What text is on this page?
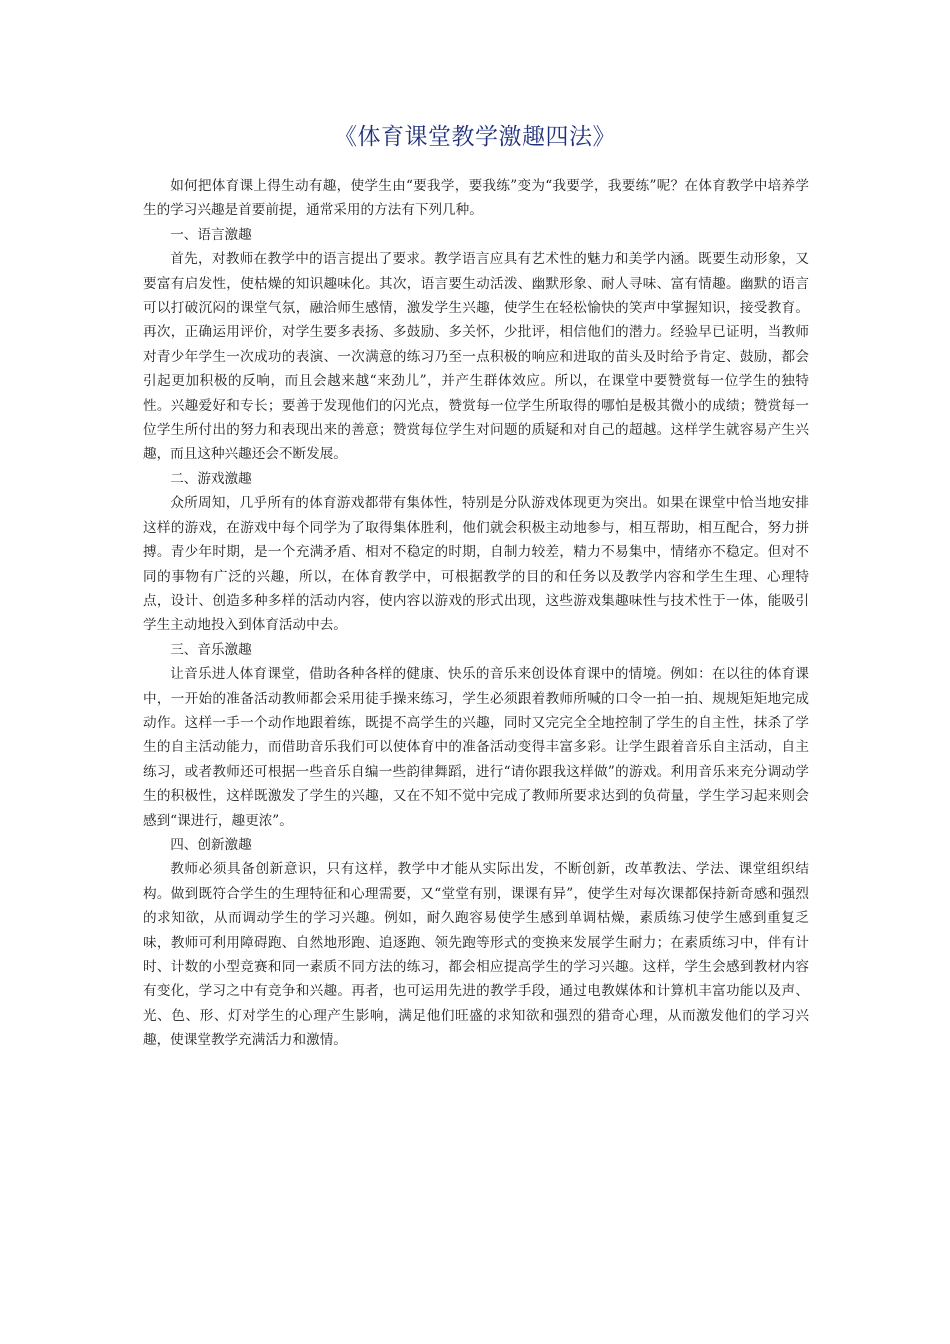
《体育课堂教学激趣四法》

如何把体育课上得生动有趣，使学生由“要我学，要我练”变为“我要学，我要练”呢？在体育教学中培养学生的学习兴趣是首要前提，通常采用的方法有下列几种。

一、语言激趣

首先，对教师在教学中的语言提出了要求。教学语言应具有艺术性的魅力和美学内涵。既要生动形象，又要富有启发性，使枯燥的知识趣味化。其次，语言要生动活泼、幽默形象、耐人寻味、富有情趣。幽默的语言可以打破沉闷的课堂气氛，融洽师生感情，激发学生兴趣，使学生在轻松愉快的笑声中掌握知识，接受教育。再次，正确运用评价，对学生要多表扬、多鼓励、多关怀，少批评，相信他们的潜力。经验早已证明，当教师对青少年学生一次成功的表演、一次满意的练习乃至一点积极的响应和进取的苗头及时给予肯定、鼓励，都会引起更加积极的反响，而且会越来越“来劲儿”，并产生群体效应。所以，在课堂中要赞赏每一位学生的独特性。兴趣爱好和专长；要善于发现他们的闪光点，赞赏每一位学生所取得的哪怕是极其微小的成绩；赞赏每一位学生所付出的努力和表现出来的善意；赞赏每位学生对问题的质疑和对自己的超越。这样学生就容易产生兴趣，而且这种兴趣还会不断发展。

二、游戏激趣

众所周知，几乎所有的体育游戏都带有集体性，特别是分队游戏体现更为突出。如果在课堂中恰当地安排这样的游戏，在游戏中每个同学为了取得集体胜利，他们就会积极主动地参与，相互帮助，相互配合，努力拼搏。青少年时期，是一个充满矛盾、相对不稳定的时期，自制力较差，精力不易集中，情绪亦不稳定。但对不同的事物有广泛的兴趣，所以，在体育教学中，可根据教学的目的和任务以及教学内容和学生生理、心理特点，设计、创造多种多样的活动内容，使内容以游戏的形式出现，这些游戏集趣味性与技术性于一体，能吸引学生主动地投入到体育活动中去。

三、音乐激趣

让音乐进人体育课堂，借助各种各样的健康、快乐的音乐来创设体育课中的情境。例如：在以往的体育课中，一开始的准备活动教师都会采用徒手操来练习，学生必须跟着教师所喊的口令一拍一拍、规规矩矩地完成动作。这样一手一个动作地跟着练，既提不高学生的兴趣，同时又完完全全地控制了学生的自主性，抹杀了学生的自主活动能力，而借助音乐我们可以使体育中的准备活动变得丰富多彩。让学生跟着音乐自主活动，自主练习，或者教师还可根据一些音乐自编一些韵律舞蹈，进行“请你跟我这样做”的游戏。利用音乐来充分调动学生的积极性，这样既激发了学生的兴趣，又在不知不觉中完成了教师所要求达到的负荷量，学生学习起来则会感到“课进行，趣更浓”。

四、创新激趣

教师必须具备创新意识，只有这样，教学中才能从实际出发，不断创新，改革教法、学法、课堂组织结构。做到既符合学生的生理特征和心理需要，又“堂堂有别，课课有异”，使学生对每次课都保持新奇感和强烈的求知欲，从而调动学生的学习兴趣。例如，耐久跑容易使学生感到单调枯燥，素质练习使学生感到重复乏味，教师可利用障碍跑、自然地形跑、追逐跑、领先跑等形式的变换来发展学生耐力；在素质练习中，伴有计时、计数的小型竞赛和同一素质不同方法的练习，都会相应提高学生的学习兴趣。这样，学生会感到教材内容有变化，学习之中有竞争和兴趣。再者，也可运用先进的教学手段，通过电教媒体和计算机丰富功能以及声、光、色、形、灯对学生的心理产生影响，满足他们旺盛的求知欲和强烈的猎奇心理，从而激发他们的学习兴趣，使课堂教学充满活力和激情。
